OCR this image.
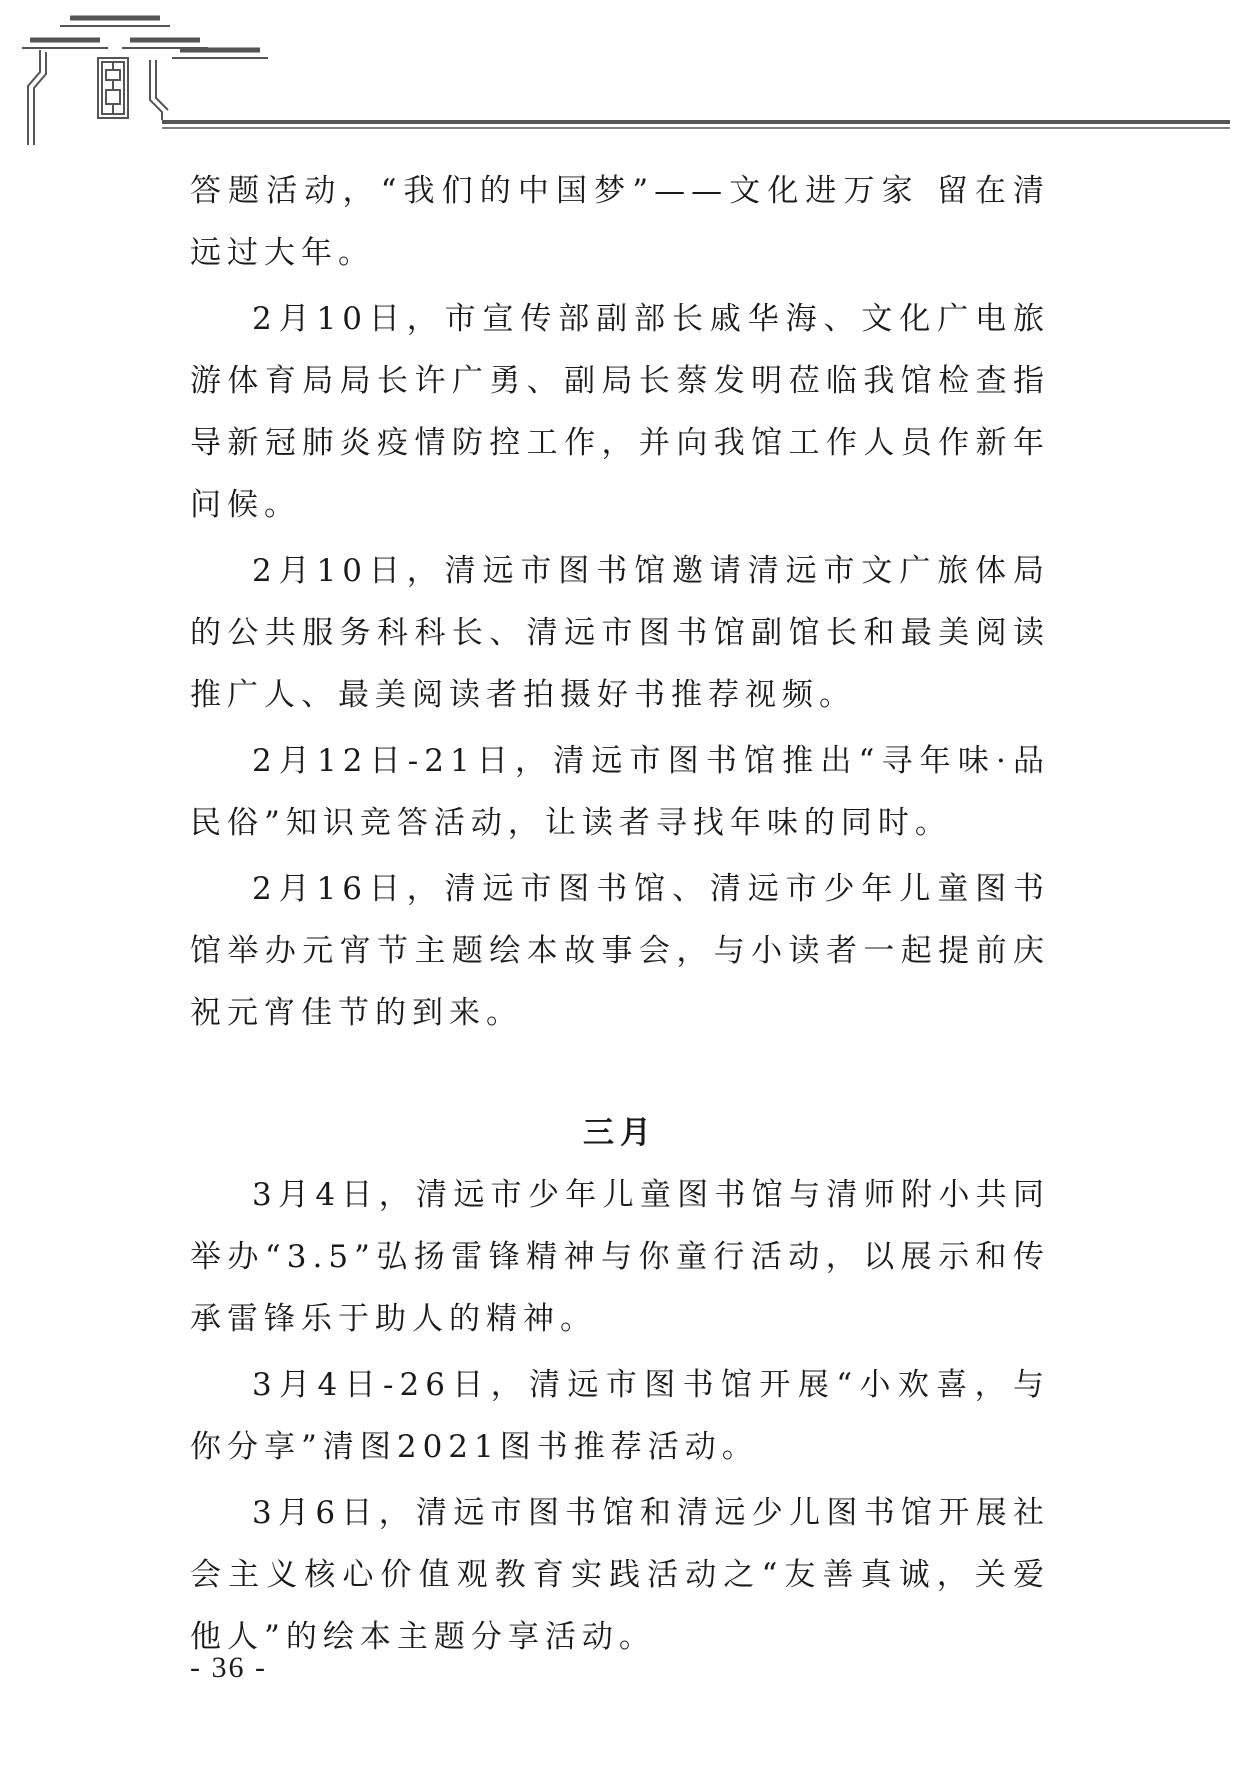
答题活动，“我们的中国梦”——文化进万家 留在清远过大年。

2月10日，市宣传部副部长戚华海、文化广电旅游体育局局长许广勇、副局长蔡发明莅临我馆检查指导新冠肺炎疫情防控工作，并向我馆工作人员作新年问候。

2月10日，清远市图书馆邀请清远市文广旅体局的公共服务科科长、清远市图书馆副馆长和最美阅读推广人、最美阅读者拍摄好书推荐视频。

2月12日-21日，清远市图书馆推出“寻年味·品民俗”知识竞答活动，让读者寻找年味的同时。

2月16日，清远市图书馆、清远市少年儿童图书馆举办元宵节主题绘本故事会，与小读者一起提前庆祝元宵佳节的到来。

三月

3月4日，清远市少年儿童图书馆与清师附小共同举办“3.5”弘扬雷锋精神与你童行活动，以展示和传承雷锋乐于助人的精神。

3月4日-26日，清远市图书馆开展“小欢喜，与你分享”清图2021图书推荐活动。

3月6日，清远市图书馆和清远少儿图书馆开展社会主义核心价值观教育实践活动之“友善真诚，关爱他人”的绘本主题分享活动。

- 36 -
